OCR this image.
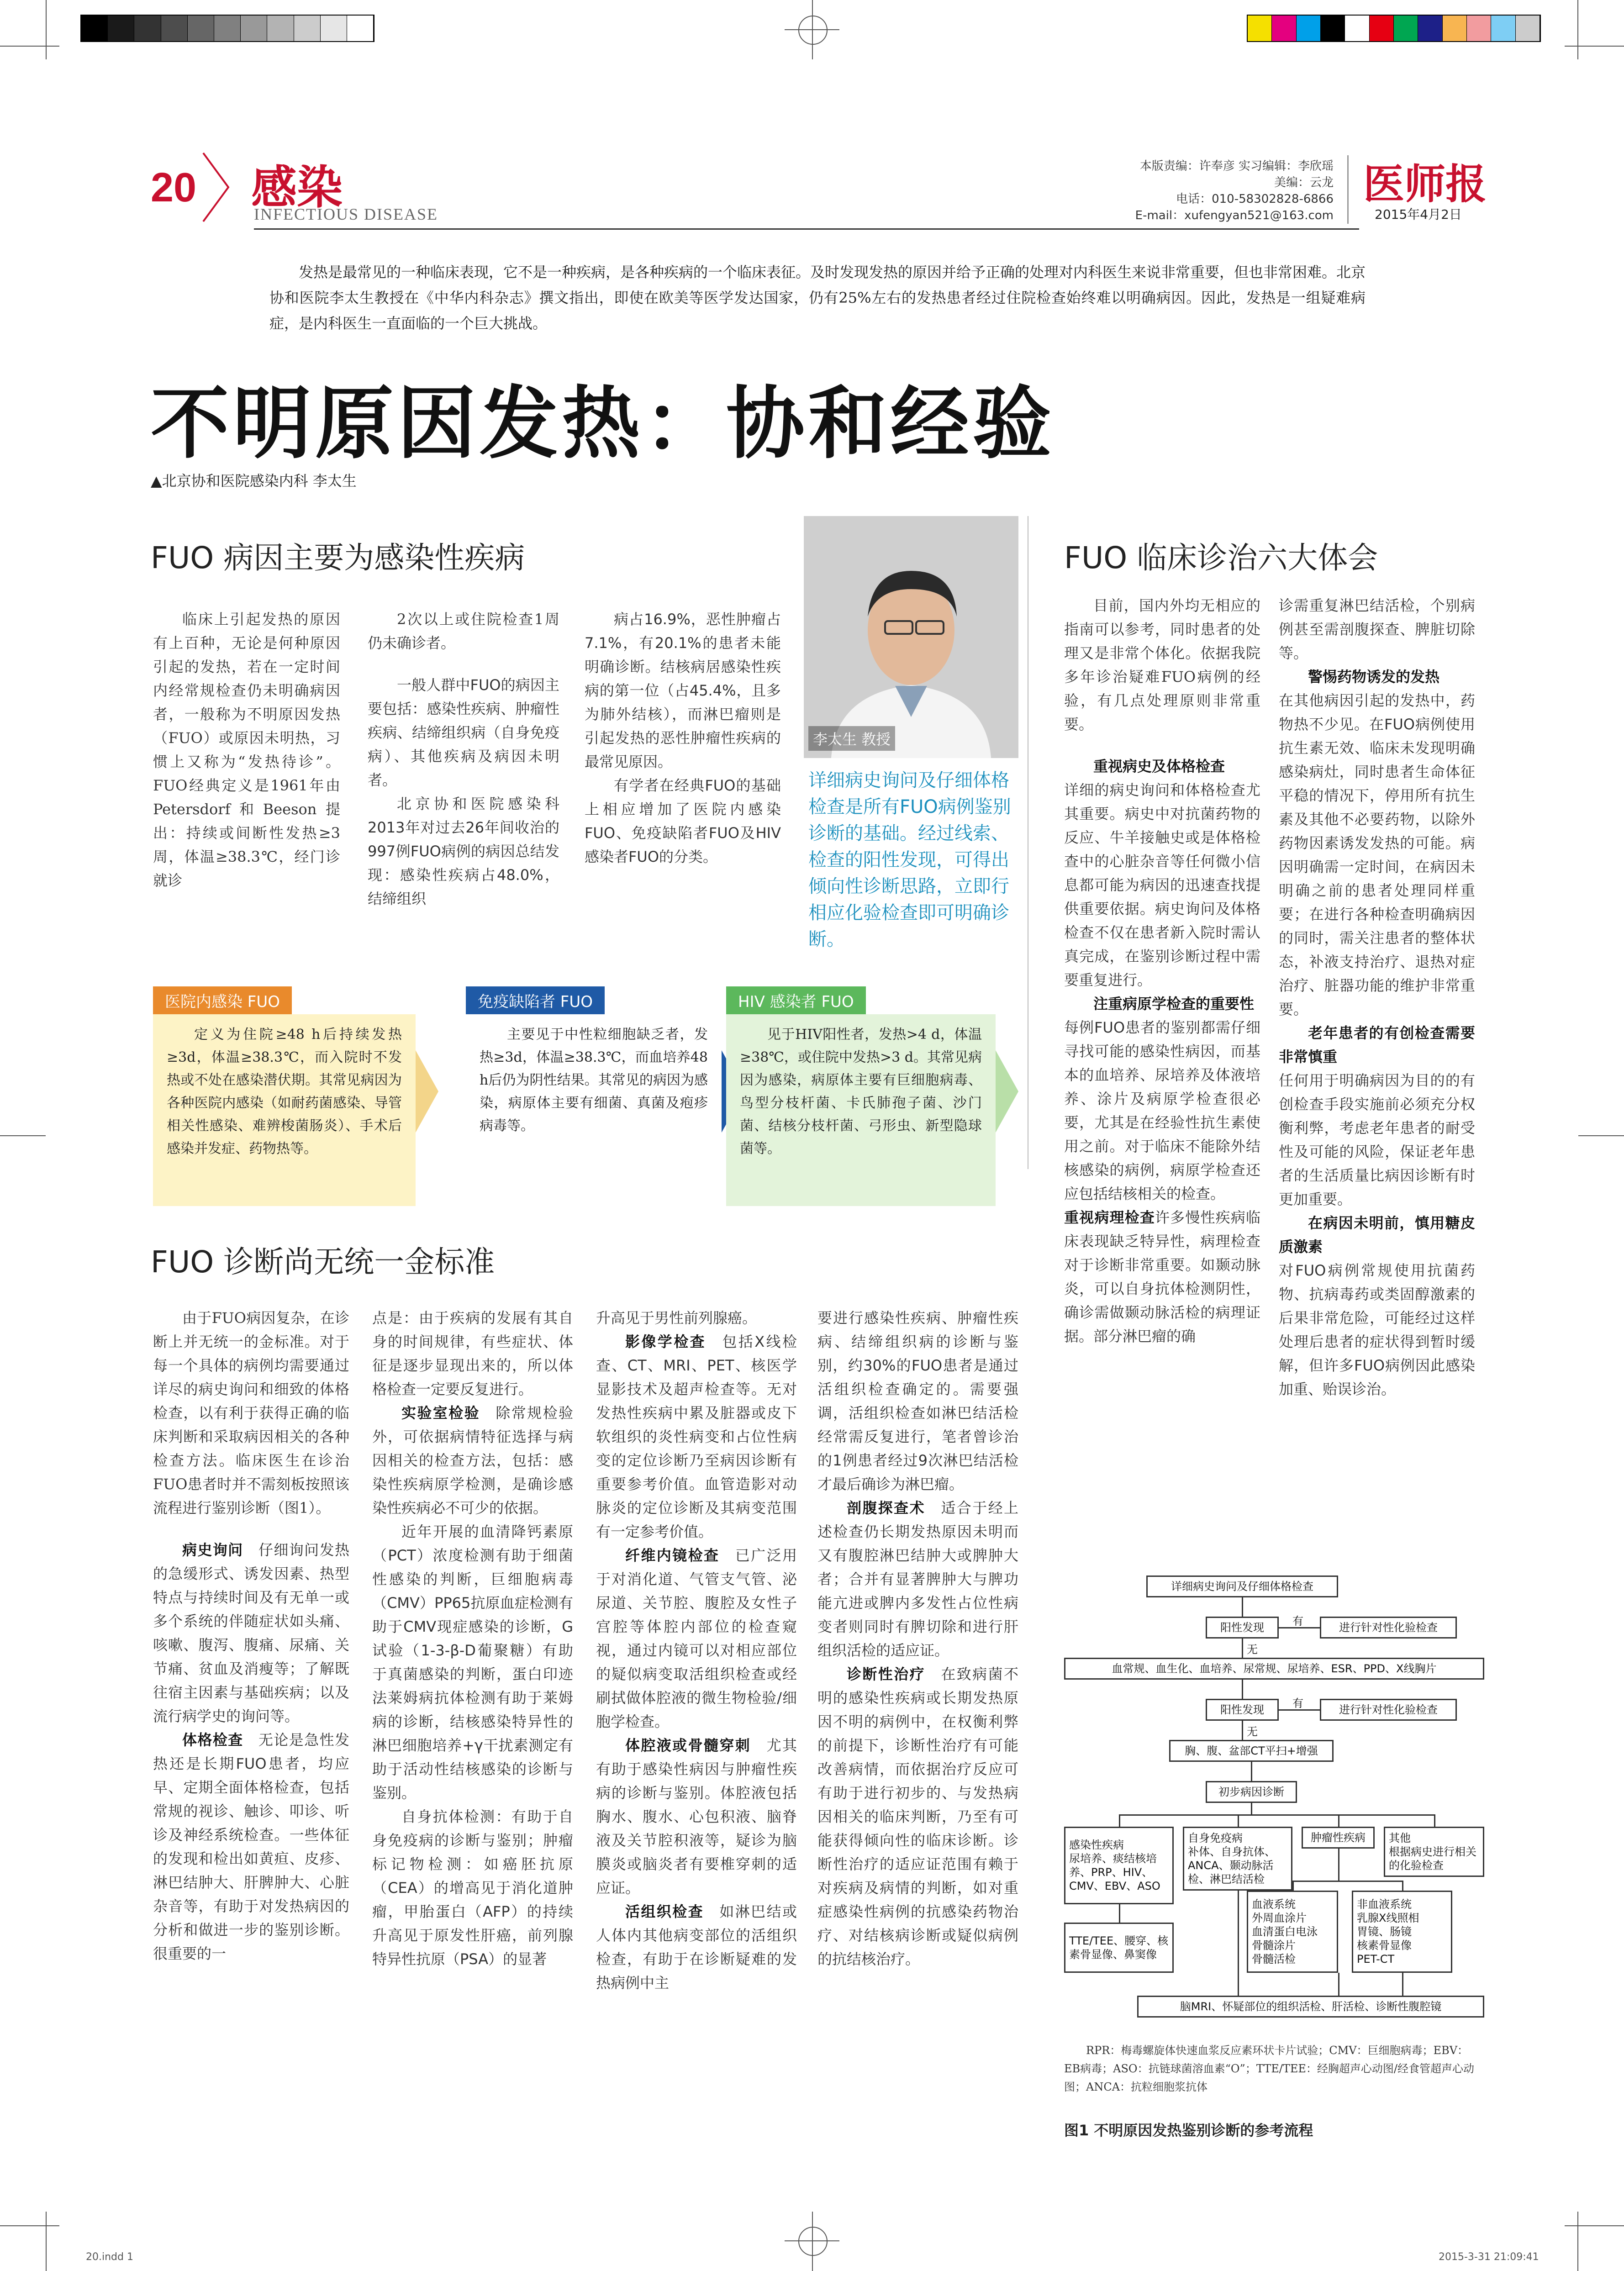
20 感染
INFECTIOUS DISEASE
本版责编：许奉彦 实习编辑：李欣瑶
美编：云龙
电话：010-58302828-6866
E-mail：xufengyan521@163.com
医师报
2015年4月2日
发热是最常见的一种临床表现，它不是一种疾病，是各种疾病的一个临床表征。及时发现发热的原因并给予正确的处理对内科医生来说非常重要，但也非常困难。北京协和医院李太生教授在《中华内科杂志》撰文指出，即使在欧美等医学发达国家，仍有25%左右的发热患者经过住院检查始终难以明确病因。因此，发热是一组疑难病症，是内科医生一直面临的一个巨大挑战。
不明原因发热：协和经验
▲北京协和医院感染内科 李太生
FUO 病因主要为感染性疾病

临床上引起发热的原因有上百种，无论是何种原因引起的发热，若在一定时间内经常规检查仍未明确病因者，一般称为不明原因发热（FUO）或原因未明热，习惯上又称为“发热待诊”。FUO经典定义是1961年由Petersdorf和Beeson提出：持续或间断性发热≥3周，体温≥38.3℃，经门诊就诊

2次以上或住院检查1周仍未确诊者。

一般人群中FUO的病因主要包括：感染性疾病、肿瘤性疾病、结缔组织病（自身免疫病）、其他疾病及病因未明者。

北京协和医院感染科2013年对过去26年间收治的997例FUO病例的病因总结发现：感染性疾病占48.0%，结缔组织

病占16.9%，恶性肿瘤占7.1%，有20.1%的患者未能明确诊断。结核病居感染性疾病的第一位（占45.4%，且多为肺外结核），而淋巴瘤则是引起发热的恶性肿瘤性疾病的最常见原因。

有学者在经典FUO的基础上相应增加了医院内感染FUO、免疫缺陷者FUO及HIV感染者FUO的分类。

李太生 教授
详细病史询问及仔细体格检查是所有FUO病例鉴别诊断的基础。经过线索、检查的阳性发现，可得出倾向性诊断思路，立即行相应化验检查即可明确诊断。
医院内感染 FUO
定义为住院≥48 h后持续发热≥3d，体温≥38.3℃，而入院时不发热或不处在感染潜伏期。其常见病因为各种医院内感染（如耐药菌感染、导管相关性感染、难辨梭菌肠炎）、手术后感染并发症、药物热等。
免疫缺陷者 FUO
主要见于中性粒细胞缺乏者，发热≥3d，体温≥38.3℃，而血培养48 h后仍为阴性结果。其常见的病因为感染，病原体主要有细菌、真菌及疱疹病毒等。
HIV 感染者 FUO
见于HIV阳性者，发热>4 d，体温≥38℃，或住院中发热>3 d。其常见病因为感染，病原体主要有巨细胞病毒、鸟型分枝杆菌、卡氏肺孢子菌、沙门菌、结核分枝杆菌、弓形虫、新型隐球菌等。
FUO 诊断尚无统一金标准

由于FUO病因复杂，在诊断上并无统一的金标准。对于每一个具体的病例均需要通过详尽的病史询问和细致的体格检查，以有利于获得正确的临床判断和采取病因相关的各种检查方法。临床医生在诊治FUO患者时并不需刻板按照该流程进行鉴别诊断（图1）。

病史询问　 仔细询问发热的急缓形式、诱发因素、热型特点与持续时间及有无单一或多个系统的伴随症状如头痛、咳嗽、腹泻、腹痛、尿痛、关节痛、贫血及消瘦等；了解既往宿主因素与基础疾病；以及流行病学史的询问等。

体格检查　 无论是急性发热还是长期FUO患者，均应早、定期全面体格检查，包括常规的视诊、触诊、叩诊、听诊及神经系统检查。一些体征的发现和检出如黄疸、皮疹、淋巴结肿大、肝脾肿大、心脏杂音等，有助于对发热病因的分析和做进一步的鉴别诊断。很重要的一

点是：由于疾病的发展有其自身的时间规律，有些症状、体征是逐步显现出来的，所以体格检查一定要反复进行。

实验室检验　 除常规检验外，可依据病情特征选择与病因相关的检查方法，包括：感染性疾病原学检测，是确诊感染性疾病必不可少的依据。

近年开展的血清降钙素原（PCT）浓度检测有助于细菌性感染的判断，巨细胞病毒（CMV）PP65抗原血症检测有助于CMV现症感染的诊断，G试验（1-3-β-D葡聚糖）有助于真菌感染的判断，蛋白印迹法莱姆病抗体检测有助于莱姆病的诊断，结核感染特异性的淋巴细胞培养+γ干扰素测定有助于活动性结核感染的诊断与鉴别。

自身抗体检测：有助于自身免疫病的诊断与鉴别；肿瘤标记物检测：如癌胚抗原（CEA）的增高见于消化道肿瘤，甲胎蛋白（AFP）的持续升高见于原发性肝癌，前列腺特异性抗原（PSA）的显著

升高见于男性前列腺癌。

影像学检查　 包括X线检查、CT、MRI、PET、核医学显影技术及超声检查等。无对发热性疾病中累及脏器或皮下软组织的炎性病变和占位性病变的定位诊断乃至病因诊断有重要参考价值。血管造影对动脉炎的定位诊断及其病变范围有一定参考价值。

纤维内镜检查　 已广泛用于对消化道、气管支气管、泌尿道、关节腔、腹腔及女性子宫腔等体腔内部位的检查窥视，通过内镜可以对相应部位的疑似病变取活组织检查或经刷拭做体腔液的微生物检验/细胞学检查。

体腔液或骨髓穿刺　 尤其有助于感染性病因与肿瘤性疾病的诊断与鉴别。体腔液包括胸水、腹水、心包积液、脑脊液及关节腔积液等，疑诊为脑膜炎或脑炎者有要椎穿刺的适应证。

活组织检查　 如淋巴结或人体内其他病变部位的活组织检查，有助于在诊断疑难的发热病例中主

要进行感染性疾病、肿瘤性疾病、结缔组织病的诊断与鉴别，约30%的FUO患者是通过活组织检查确定的。需要强调，活组织检查如淋巴结活检经常需反复进行，笔者曾诊治的1例患者经过9次淋巴结活检才最后确诊为淋巴瘤。

剖腹探查术　 适合于经上述检查仍长期发热原因未明而又有腹腔淋巴结肿大或脾肿大者；合并有显著脾肿大与脾功能亢进或脾内多发性占位性病变者则同时有脾切除和进行肝组织活检的适应证。

诊断性治疗　 在致病菌不明的感染性疾病或长期发热原因不明的病例中，在权衡利弊的前提下，诊断性治疗有可能改善病情，而依据治疗反应可有助于进行初步的、与发热病因相关的临床判断，乃至有可能获得倾向性的临床诊断。诊断性治疗的适应证范围有赖于对疾病及病情的判断，如对重症感染性病例的抗感染药物治疗、对结核病诊断或疑似病例的抗结核治疗。

FUO 临床诊治六大体会

目前，国内外均无相应的指南可以参考，同时患者的处理又是非常个体化。依据我院多年诊治疑难FUO病例的经验，有几点处理原则非常重要。

重视病史及体格检查

详细的病史询问和体格检查尤其重要。病史中对抗菌药物的反应、牛羊接触史或是体格检查中的心脏杂音等任何微小信息都可能为病因的迅速查找提供重要依据。病史询问及体格检查不仅在患者新入院时需认真完成，在鉴别诊断过程中需要重复进行。

注重病原学检查的重要性

每例FUO患者的鉴别都需仔细寻找可能的感染性病因，而基本的血培养、尿培养及体液培养、涂片及病原学检查很必要，尤其是在经验性抗生素使用之前。对于临床不能除外结核感染的病例，病原学检查还应包括结核相关的检查。

重视病理检查

许多慢性疾病临床表现缺乏特异性，病理检查对于诊断非常重要。如颞动脉炎，可以自身抗体检测阴性，确诊需做颞动脉活检的病理证据。部分淋巴瘤的确

诊需重复淋巴结活检，个别病例甚至需剖腹探查、脾脏切除等。

警惕药物诱发的发热

在其他病因引起的发热中，药物热不少见。在FUO病例使用抗生素无效、临床未发现明确感染病灶，同时患者生命体征平稳的情况下，停用所有抗生素及其他不必要药物，以除外药物因素诱发发热的可能。病因明确需一定时间，在病因未明确之前的患者处理同样重要；在进行各种检查明确病因的同时，需关注患者的整体状态，补液支持治疗、退热对症治疗、脏器功能的维护非常重要。

老年患者的有创检查需要非常慎重

任何用于明确病因为目的的有创检查手段实施前必须充分权衡利弊，考虑老年患者的耐受性及可能的风险，保证老年患者的生活质量比病因诊断有时更加重要。

在病因未明前，慎用糖皮质激素

对FUO病例常规使用抗菌药物、抗病毒药或类固醇激素的后果非常危险，可能经过这样处理后患者的症状得到暂时缓解，但许多FUO病例因此感染加重、贻误诊治。

详细病史询问及仔细体格检查
阳性发现	进行针对性化验检查
血常规、血生化、血培养、尿常规、尿培养、ESR、PPD、X线胸片
阳性发现	进行针对性化验检查
胸、腹、盆部CT平扫+增强
初步病因诊断
感染性疾病
尿培养、痰结核培养、PRP、HIV、CMV、EBV、ASO
自身免疫病
补体、自身抗体、ANCA、颞动脉活检、淋巴结活检
肿瘤性疾病	其他
根据病史进行相关的化验检查
TTE/TEE、腰穿、核素骨显像、鼻窦像
血液系统
外周血涂片
血清蛋白电泳
骨髓涂片
骨髓活检
非血液系统
乳腺X线照相
胃镜、肠镜
核素骨显像
PET-CT
脑MRI、怀疑部位的组织活检、肝活检、诊断性腹腔镜
有
无
有
无
RPR：梅毒螺旋体快速血浆反应素环状卡片试验；CMV：巨细胞病毒；EBV：EB病毒；ASO：抗链球菌溶血素“O”；TTE/TEE：经胸超声心动图/经食管超声心动图；ANCA：抗粒细胞浆抗体
图1 不明原因发热鉴别诊断的参考流程
20.indd 1	2015-3-31 21:09:41
